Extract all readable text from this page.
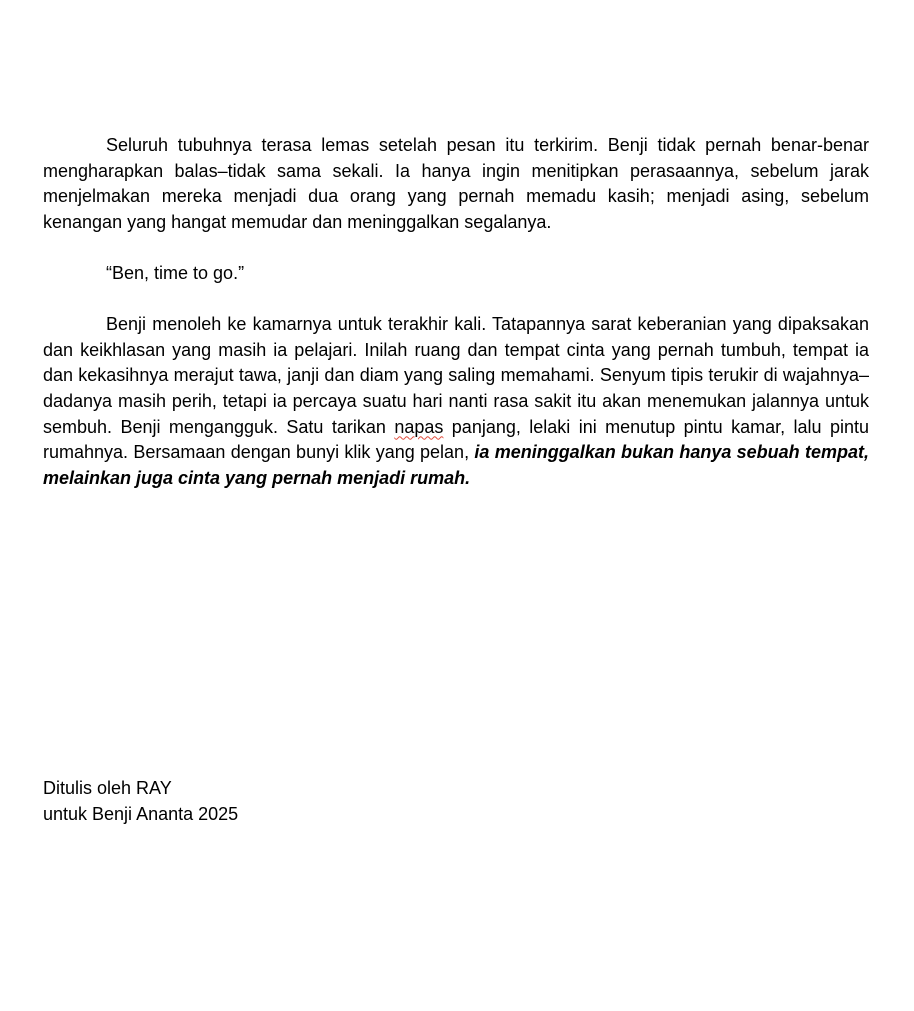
Seluruh tubuhnya terasa lemas setelah pesan itu terkirim. Benji tidak pernah benar-benar mengharapkan balas–tidak sama sekali. Ia hanya ingin menitipkan perasaannya, sebelum jarak menjelmakan mereka menjadi dua orang yang pernah memadu kasih; menjadi asing, sebelum kenangan yang hangat memudar dan meninggalkan segalanya.

“Ben, time to go.”

Benji menoleh ke kamarnya untuk terakhir kali. Tatapannya sarat keberanian yang dipaksakan dan keikhlasan yang masih ia pelajari. Inilah ruang dan tempat cinta yang pernah tumbuh, tempat ia dan kekasihnya merajut tawa, janji dan diam yang saling memahami. Senyum tipis terukir di wajahnya–dadanya masih perih, tetapi ia percaya suatu hari nanti rasa sakit itu akan menemukan jalannya untuk sembuh. Benji mengangguk. Satu tarikan napas panjang, lelaki ini menutup pintu kamar, lalu pintu rumahnya. Bersamaan dengan bunyi klik yang pelan, ia meninggalkan bukan hanya sebuah tempat, melainkan juga cinta yang pernah menjadi rumah.

Ditulis oleh RAY
untuk Benji Ananta 2025
